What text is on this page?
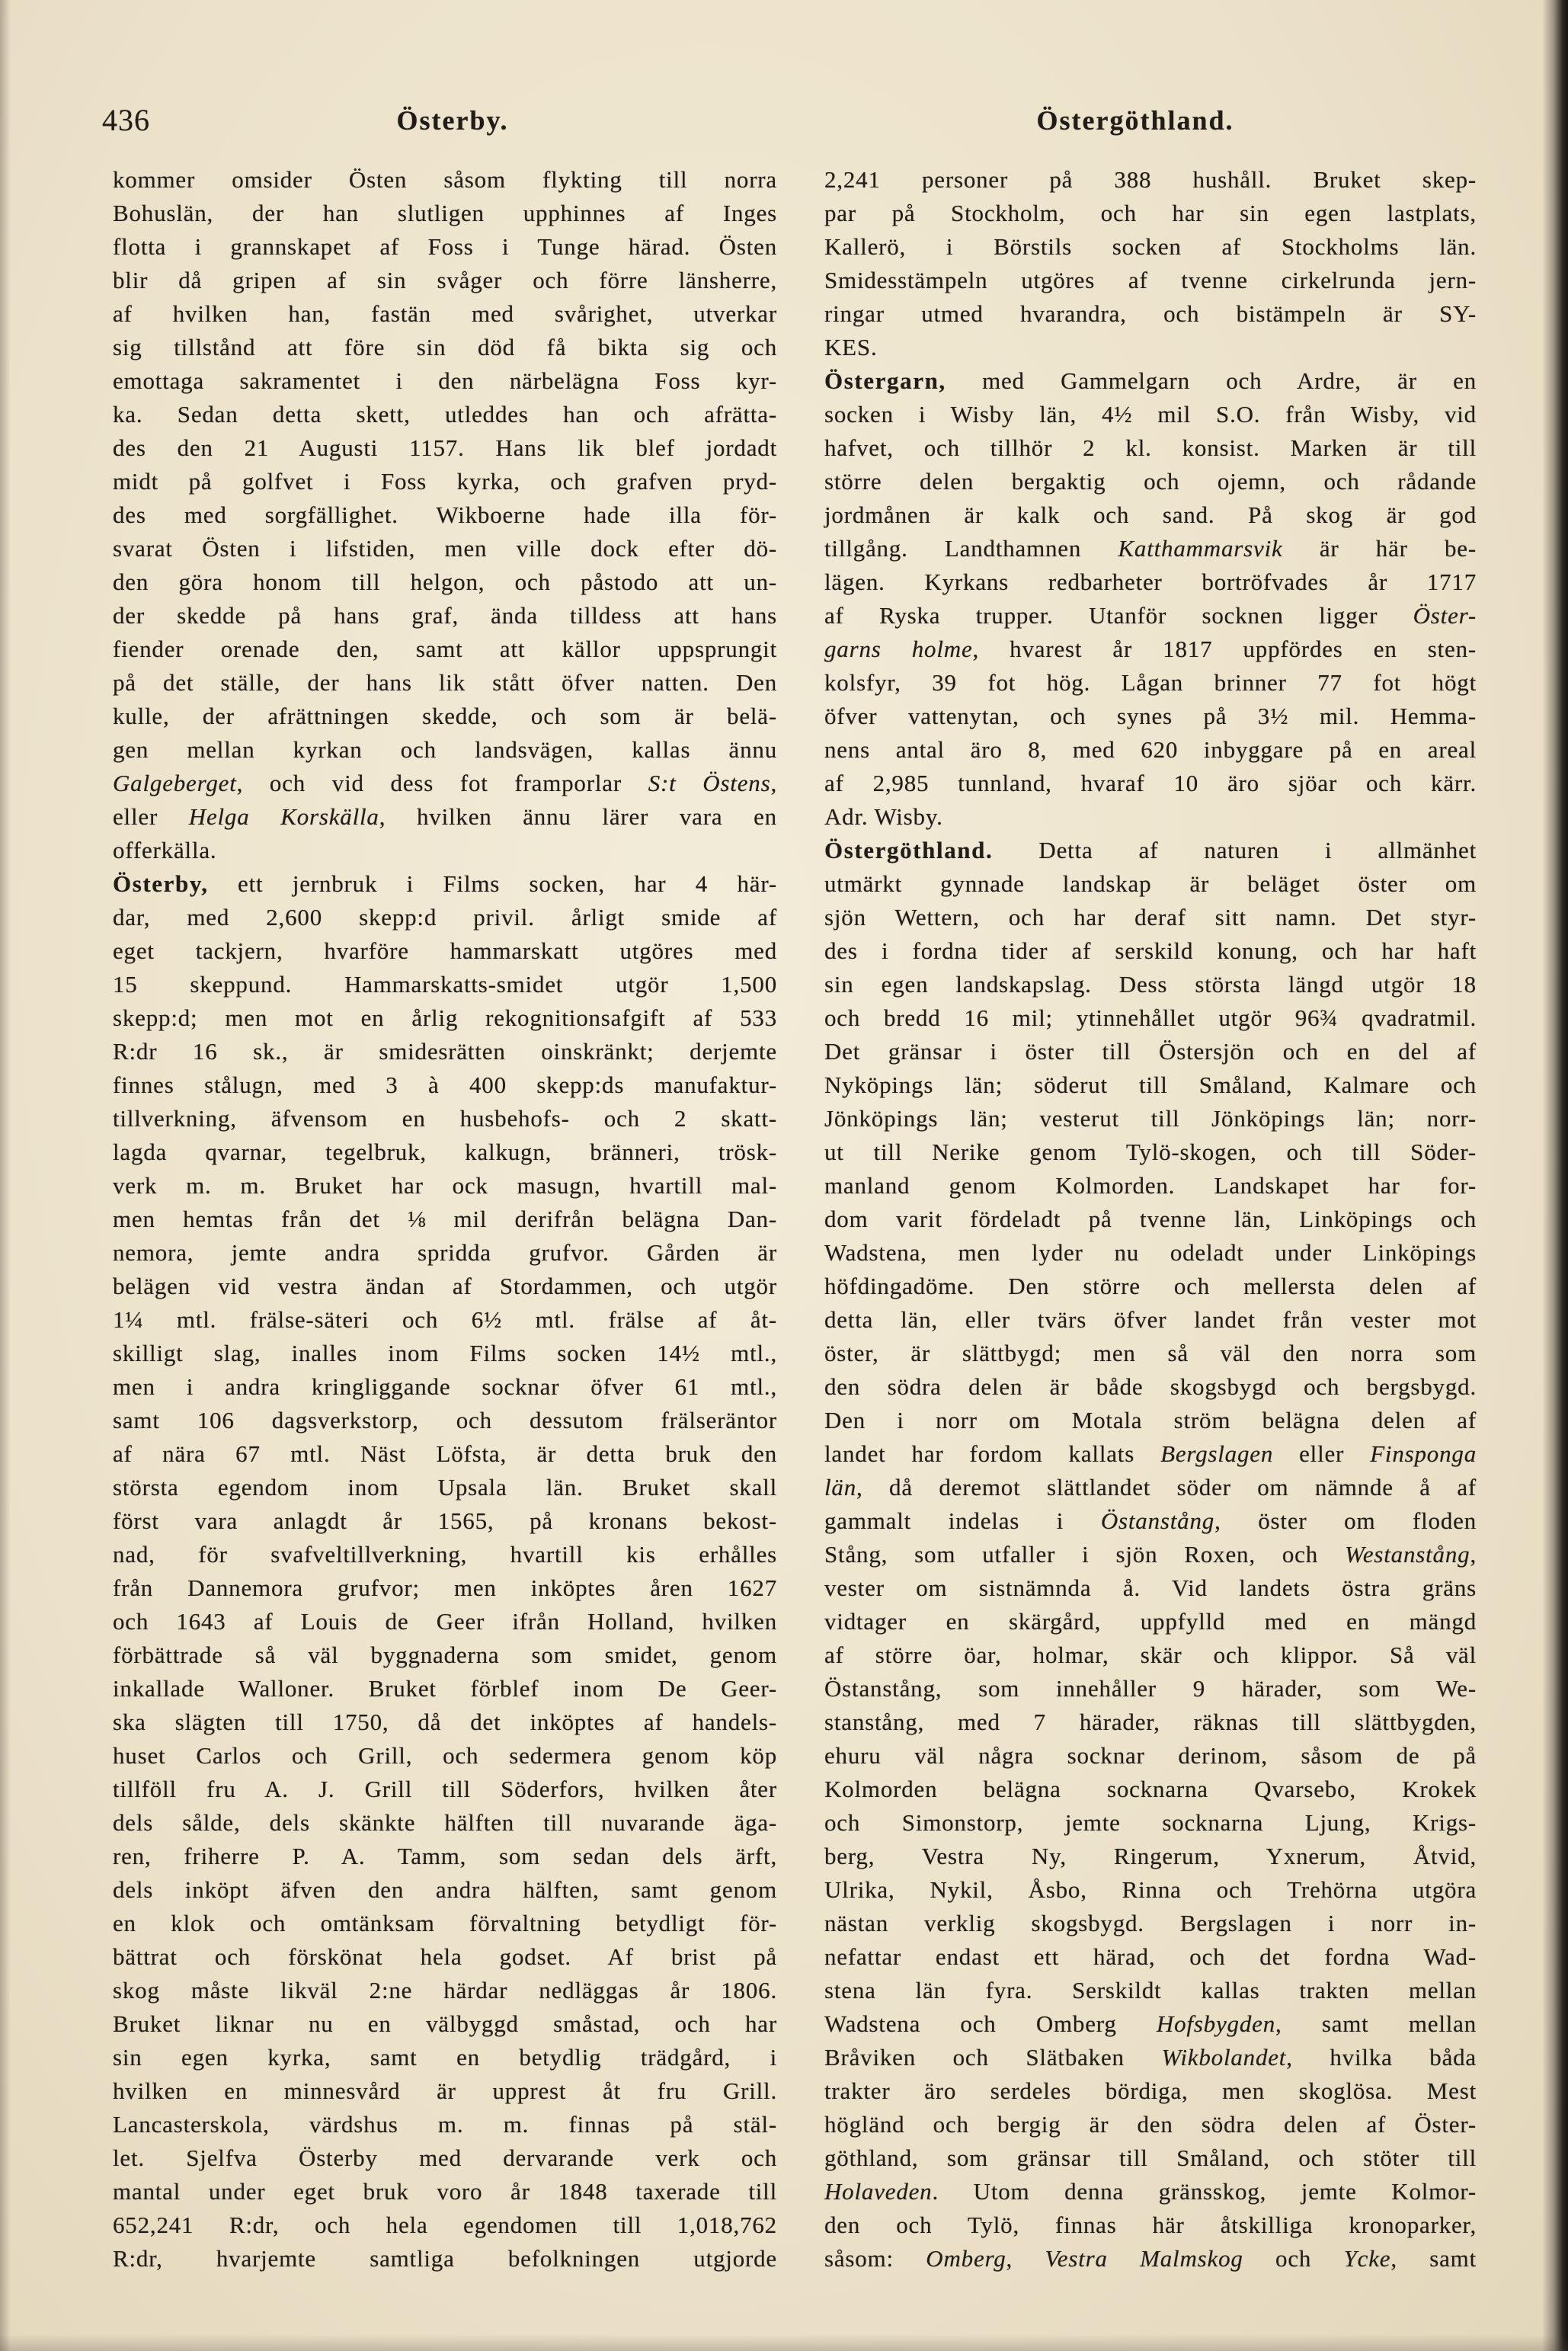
436	Österby.	Östergöthland.
kommer omsider Östen såsom flykting till norra
Bohuslän, der han slutligen upphinnes af Inges
flotta i grannskapet af Foss i Tunge härad. Östen
blir då gripen af sin svåger och förre länsherre,
af hvilken han, fastän med svårighet, utverkar
sig tillstånd att före sin död få bikta sig och
emottaga sakramentet i den närbelägna Foss kyr-
ka. Sedan detta skett, utleddes han och afrätta-
des den 21 Augusti 1157. Hans lik blef jordadt
midt på golfvet i Foss kyrka, och grafven pryd-
des med sorgfällighet. Wikboerne hade illa för-
svarat Östen i lifstiden, men ville dock efter dö-
den göra honom till helgon, och påstodo att un-
der skedde på hans graf, ända tilldess att hans
fiender orenade den, samt att källor uppsprungit
på det ställe, der hans lik stått öfver natten. Den
kulle, der afrättningen skedde, och som är belä-
gen mellan kyrkan och landsvägen, kallas ännu
Galgeberget, och vid dess fot framporlar S:t Östens,
eller Helga Korskälla, hvilken ännu lärer vara en
offerkälla.
Österby, ett jernbruk i Films socken, har 4 här-
dar, med 2,600 skepp:d privil. årligt smide af
eget tackjern, hvarföre hammarskatt utgöres med
15 skeppund. Hammarskatts-smidet utgör 1,500
skepp:d; men mot en årlig rekognitionsafgift af 533
R:dr 16 sk., är smidesrätten oinskränkt; derjemte
finnes stålugn, med 3 à 400 skepp:ds manufaktur-
tillverkning, äfvensom en husbehofs- och 2 skatt-
lagda qvarnar, tegelbruk, kalkugn, bränneri, trösk-
verk m. m. Bruket har ock masugn, hvartill mal-
men hemtas från det ⅛ mil derifrån belägna Dan-
nemora, jemte andra spridda grufvor. Gården är
belägen vid vestra ändan af Stordammen, och utgör
1¼ mtl. frälse-säteri och 6½ mtl. frälse af åt-
skilligt slag, inalles inom Films socken 14½ mtl.,
men i andra kringliggande socknar öfver 61 mtl.,
samt 106 dagsverkstorp, och dessutom frälseräntor
af nära 67 mtl. Näst Löfsta, är detta bruk den
största egendom inom Upsala län. Bruket skall
först vara anlagdt år 1565, på kronans bekost-
nad, för svafveltillverkning, hvartill kis erhålles
från Dannemora grufvor; men inköptes åren 1627
och 1643 af Louis de Geer ifrån Holland, hvilken
förbättrade så väl byggnaderna som smidet, genom
inkallade Walloner. Bruket förblef inom De Geer-
ska slägten till 1750, då det inköptes af handels-
huset Carlos och Grill, och sedermera genom köp
tillföll fru A. J. Grill till Söderfors, hvilken åter
dels sålde, dels skänkte hälften till nuvarande äga-
ren, friherre P. A. Tamm, som sedan dels ärft,
dels inköpt äfven den andra hälften, samt genom
en klok och omtänksam förvaltning betydligt för-
bättrat och förskönat hela godset. Af brist på
skog måste likväl 2:ne härdar nedläggas år 1806.
Bruket liknar nu en välbyggd småstad, och har
sin egen kyrka, samt en betydlig trädgård, i
hvilken en minnesvård är upprest åt fru Grill.
Lancasterskola, värdshus m. m. finnas på stäl-
let. Sjelfva Österby med dervarande verk och
mantal under eget bruk voro år 1848 taxerade till
652,241 R:dr, och hela egendomen till 1,018,762
R:dr, hvarjemte samtliga befolkningen utgjorde
2,241 personer på 388 hushåll. Bruket skep-
par på Stockholm, och har sin egen lastplats,
Kallerö, i Börstils socken af Stockholms län.
Smidesstämpeln utgöres af tvenne cirkelrunda jern-
ringar utmed hvarandra, och bistämpeln är SY-
KES.
Östergarn, med Gammelgarn och Ardre, är en
socken i Wisby län, 4½ mil S.O. från Wisby, vid
hafvet, och tillhör 2 kl. konsist. Marken är till
större delen bergaktig och ojemn, och rådande
jordmånen är kalk och sand. På skog är god
tillgång. Landthamnen Katthammarsvik är här be-
lägen. Kyrkans redbarheter bortröfvades år 1717
af Ryska trupper. Utanför socknen ligger Öster-
garns holme, hvarest år 1817 uppfördes en sten-
kolsfyr, 39 fot hög. Lågan brinner 77 fot högt
öfver vattenytan, och synes på 3½ mil. Hemma-
nens antal äro 8, med 620 inbyggare på en areal
af 2,985 tunnland, hvaraf 10 äro sjöar och kärr.
Adr. Wisby.
Östergöthland. Detta af naturen i allmänhet
utmärkt gynnade landskap är beläget öster om
sjön Wettern, och har deraf sitt namn. Det styr-
des i fordna tider af serskild konung, och har haft
sin egen landskapslag. Dess största längd utgör 18
och bredd 16 mil; ytinnehållet utgör 96¾ qvadratmil.
Det gränsar i öster till Östersjön och en del af
Nyköpings län; söderut till Småland, Kalmare och
Jönköpings län; vesterut till Jönköpings län; norr-
ut till Nerike genom Tylö-skogen, och till Söder-
manland genom Kolmorden. Landskapet har for-
dom varit fördeladt på tvenne län, Linköpings och
Wadstena, men lyder nu odeladt under Linköpings
höfdingadöme. Den större och mellersta delen af
detta län, eller tvärs öfver landet från vester mot
öster, är slättbygd; men så väl den norra som
den södra delen är både skogsbygd och bergsbygd.
Den i norr om Motala ström belägna delen af
landet har fordom kallats Bergslagen eller Finsponga
län, då deremot slättlandet söder om nämnde å af
gammalt indelas i Östanstång, öster om floden
Stång, som utfaller i sjön Roxen, och Westanstång,
vester om sistnämnda å. Vid landets östra gräns
vidtager en skärgård, uppfylld med en mängd
af större öar, holmar, skär och klippor. Så väl
Östanstång, som innehåller 9 härader, som We-
stanstång, med 7 härader, räknas till slättbygden,
ehuru väl några socknar derinom, såsom de på
Kolmorden belägna socknarna Qvarsebo, Krokek
och Simonstorp, jemte socknarna Ljung, Krigs-
berg, Vestra Ny, Ringerum, Yxnerum, Åtvid,
Ulrika, Nykil, Åsbo, Rinna och Trehörna utgöra
nästan verklig skogsbygd. Bergslagen i norr in-
nefattar endast ett härad, och det fordna Wad-
stena län fyra. Serskildt kallas trakten mellan
Wadstena och Omberg Hofsbygden, samt mellan
Bråviken och Slätbaken Wikbolandet, hvilka båda
trakter äro serdeles bördiga, men skoglösa. Mest
högländ och bergig är den södra delen af Öster-
göthland, som gränsar till Småland, och stöter till
Holaveden. Utom denna gränsskog, jemte Kolmor-
den och Tylö, finnas här åtskilliga kronoparker,
såsom: Omberg, Vestra Malmskog och Ycke, samt
